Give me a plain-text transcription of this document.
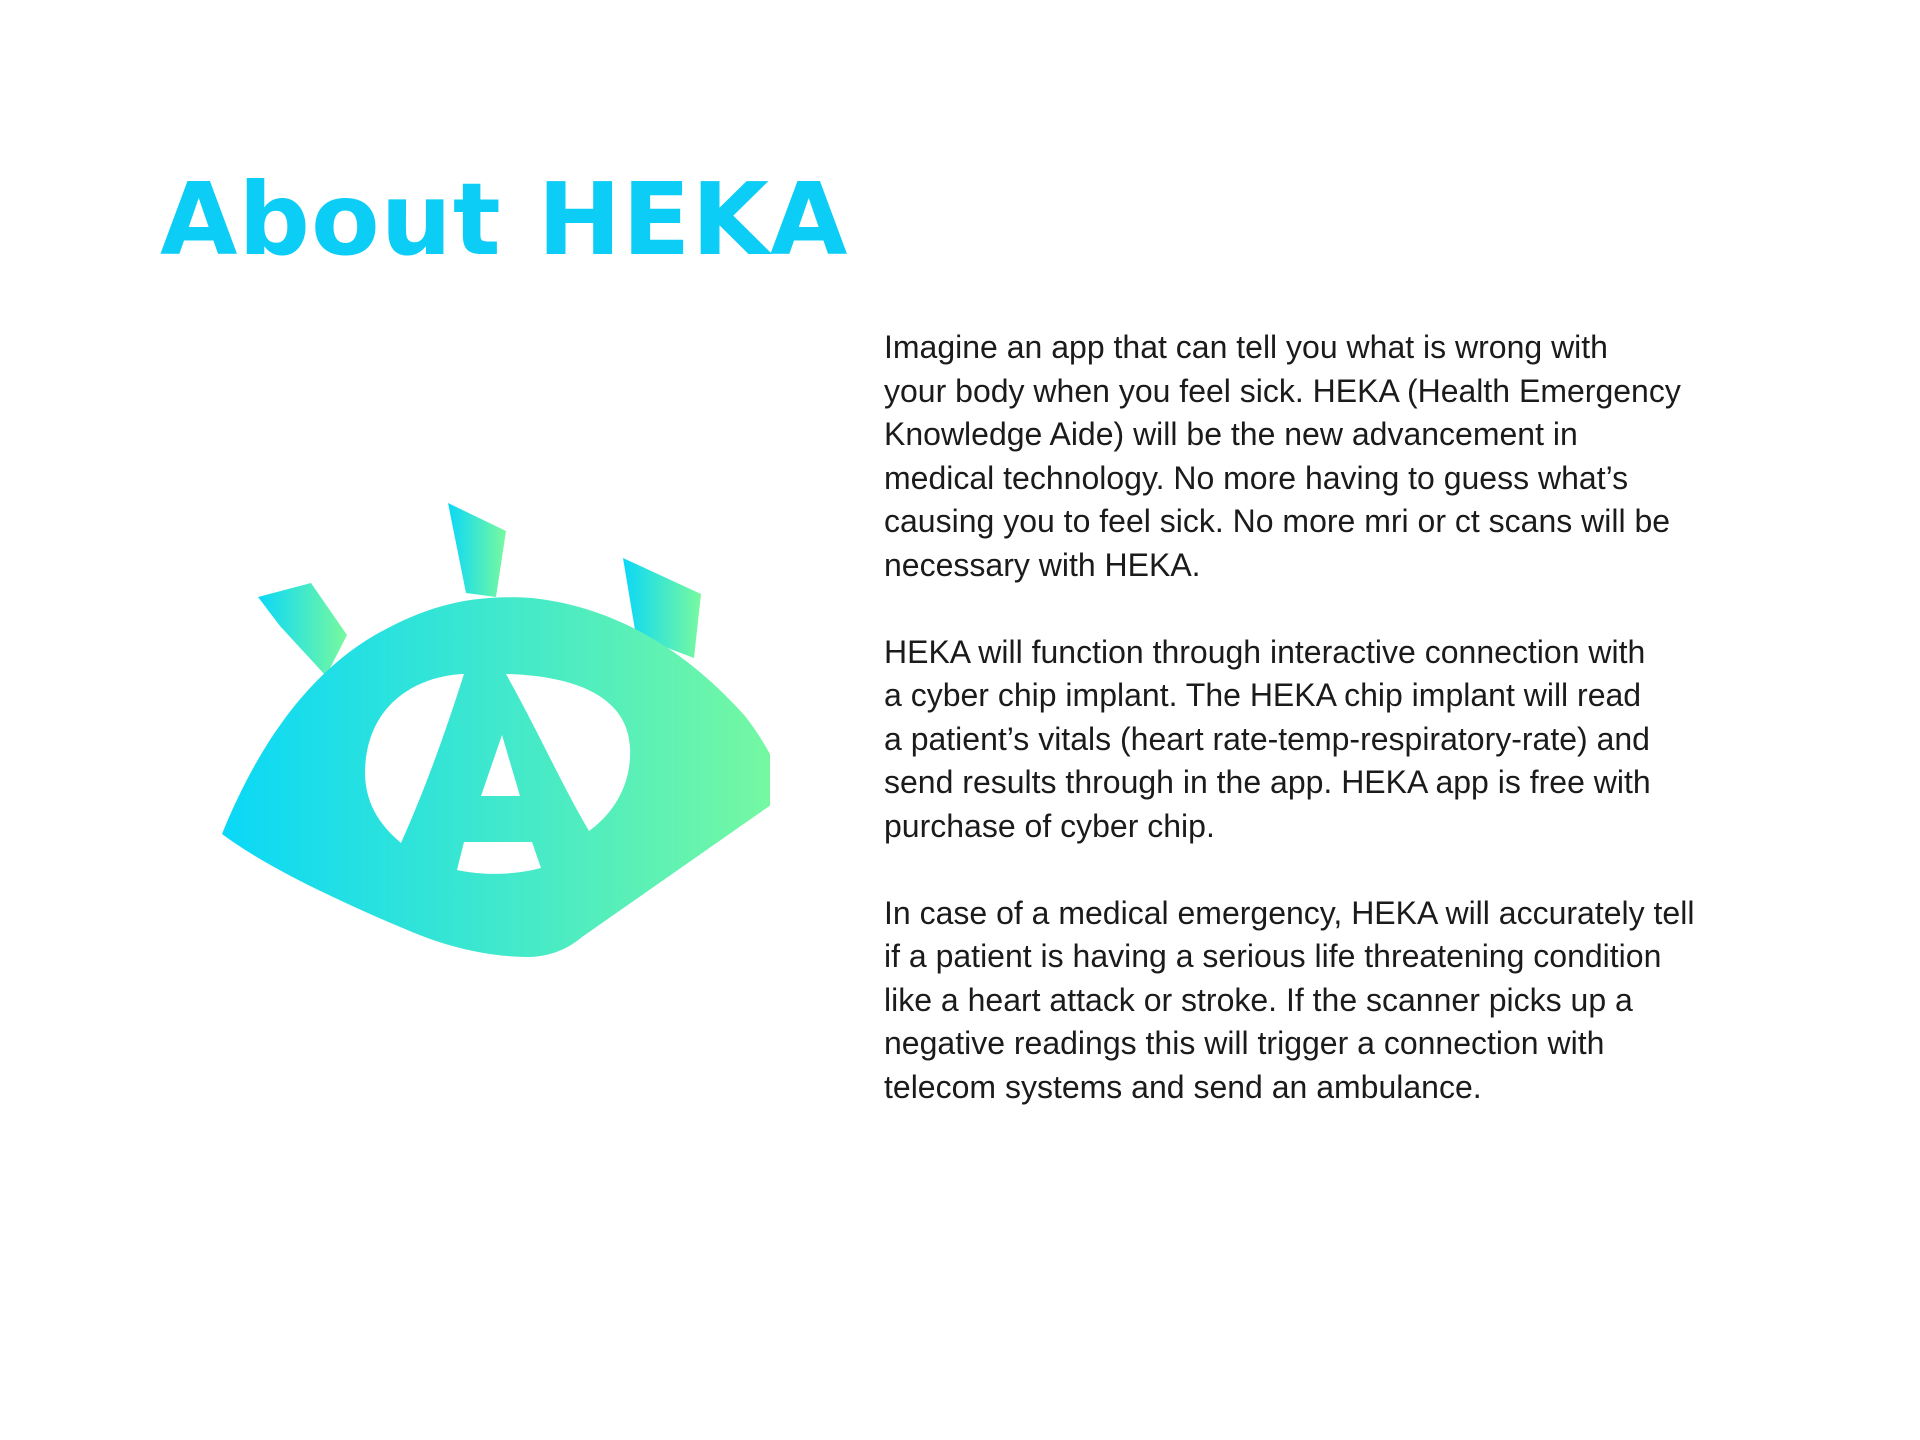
About HEKA

Imagine an app that can tell you what is wrong with
your body when you feel sick. HEKA (Health Emergency
Knowledge Aide) will be the new advancement in
medical technology. No more having to guess what’s
causing you to feel sick. No more mri or ct scans will be
necessary with HEKA.

HEKA will function through interactive connection with
a cyber chip implant. The HEKA chip implant will read
a patient’s vitals (heart rate-temp-respiratory-rate) and
send results through in the app. HEKA app is free with
purchase of cyber chip.

In case of a medical emergency, HEKA will accurately tell
if a patient is having a serious life threatening condition
like a heart attack or stroke. If the scanner picks up a
negative readings this will trigger a connection with
telecom systems and send an ambulance.
